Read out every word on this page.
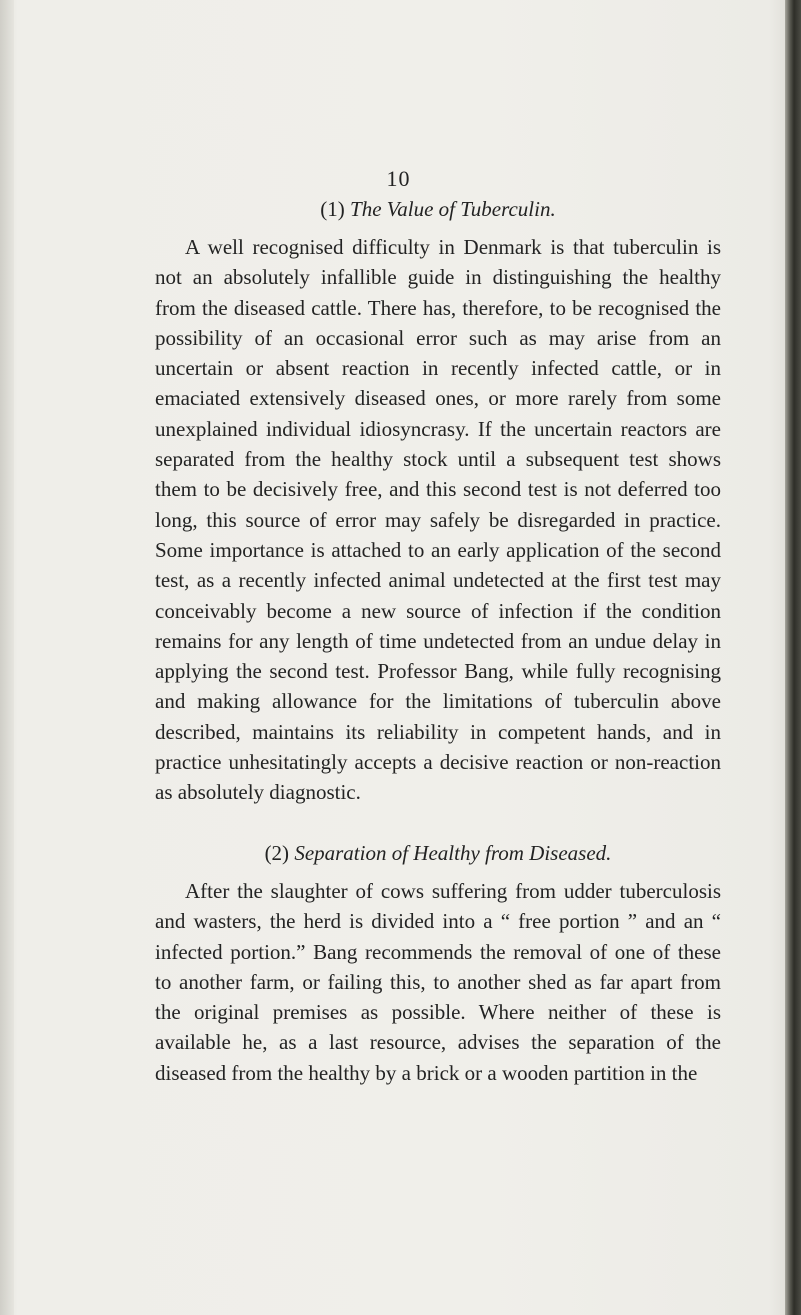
10
(1) The Value of Tuberculin.

A well recognised difficulty in Denmark is that tuberculin is not an absolutely infallible guide in distinguishing the healthy from the diseased cattle. There has, therefore, to be recognised the possibility of an occasional error such as may arise from an uncertain or absent reaction in recently infected cattle, or in emaciated extensively diseased ones, or more rarely from some unexplained individual idiosyncrasy. If the uncertain reactors are separated from the healthy stock until a subsequent test shows them to be decisively free, and this second test is not deferred too long, this source of error may safely be disregarded in practice. Some importance is attached to an early application of the second test, as a recently infected animal undetected at the first test may conceivably become a new source of infection if the condition remains for any length of time undetected from an undue delay in applying the second test. Professor Bang, while fully recognising and making allowance for the limitations of tuberculin above described, maintains its reliability in competent hands, and in practice unhesitatingly accepts a decisive reaction or non-reaction as absolutely diagnostic.

(2) Separation of Healthy from Diseased.

After the slaughter of cows suffering from udder tuberculosis and wasters, the herd is divided into a “ free portion ” and an “ infected portion.” Bang recommends the removal of one of these to another farm, or failing this, to another shed as far apart from the original premises as possible. Where neither of these is available he, as a last resource, advises the separation of the diseased from the healthy by a brick or a wooden partition in the
